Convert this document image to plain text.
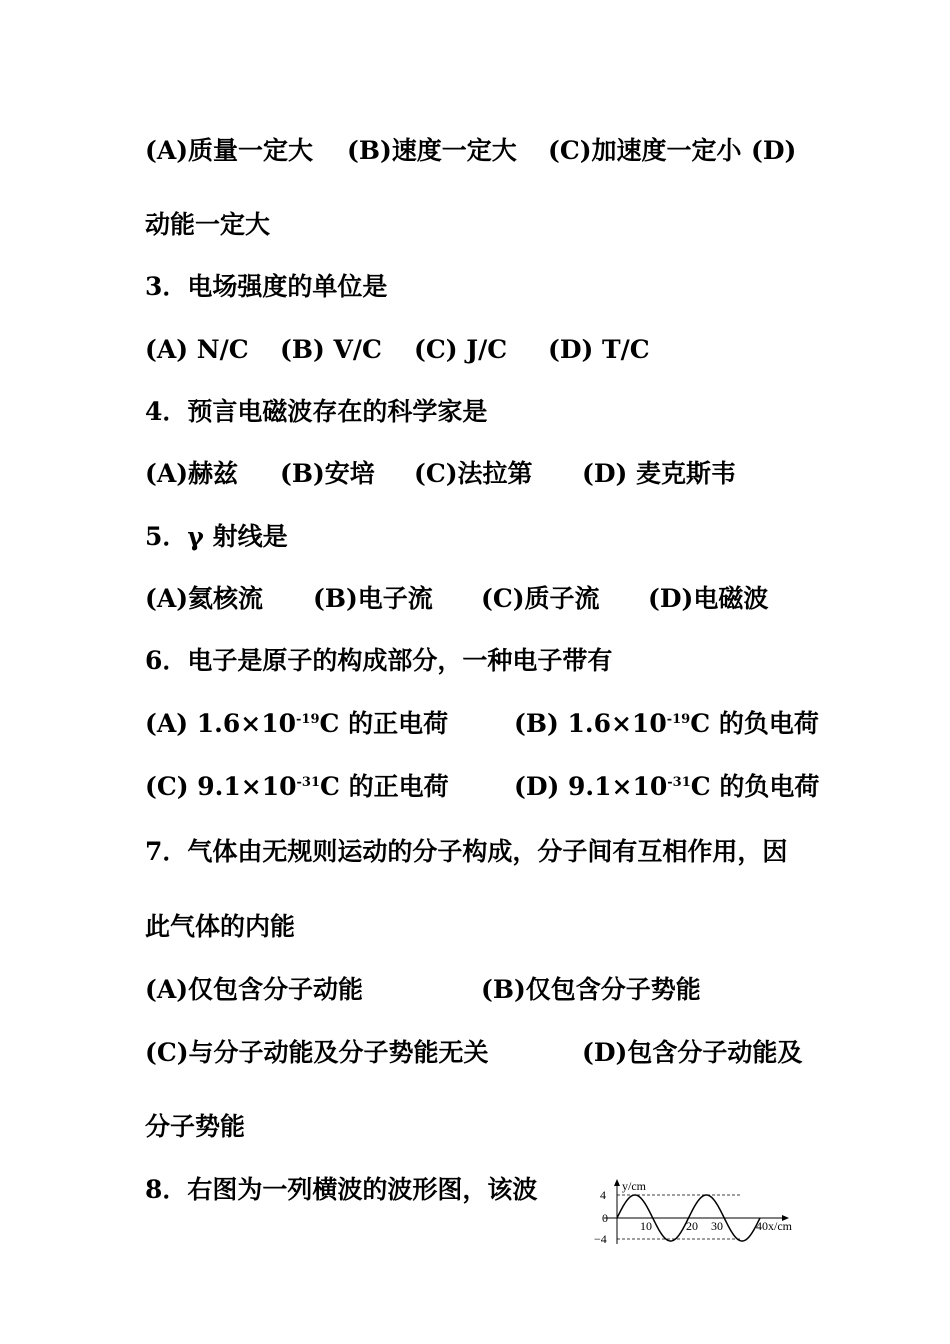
(A)质量一定大 (B)速度一定大 (C)加速度一定小 (D)
动能一定大
3．电场强度的单位是
(A) N/C (B) V/C (C) J/C (D) T/C
4．预言电磁波存在的科学家是
(A)赫兹 (B)安培 (C)法拉第 (D) 麦克斯韦
5．γ 射线是
(A)氦核流 (B)电子流 (C)质子流 (D)电磁波
6．电子是原子的构成部分，一种电子带有
(A) $1.6\times 10^{-19}C$ 的正电荷	(B) $1.6\times 10^{-19}C$ 的负电荷
(C) $9.1\times 10^{-31}C$ 的正电荷	(D) $9.1\times 10^{-31}C$ 的负电荷
7．气体由无规则运动的分子构成，分子间有互相作用，因
此气体的内能
(A)仅包含分子动能	(B)仅包含分子势能
(C)与分子动能及分子势能无关	(D)包含分子动能及
分子势能
8．右图为一列横波的波形图，该波	y/cm
x/cm
4
0
−4
10	20 30	40
